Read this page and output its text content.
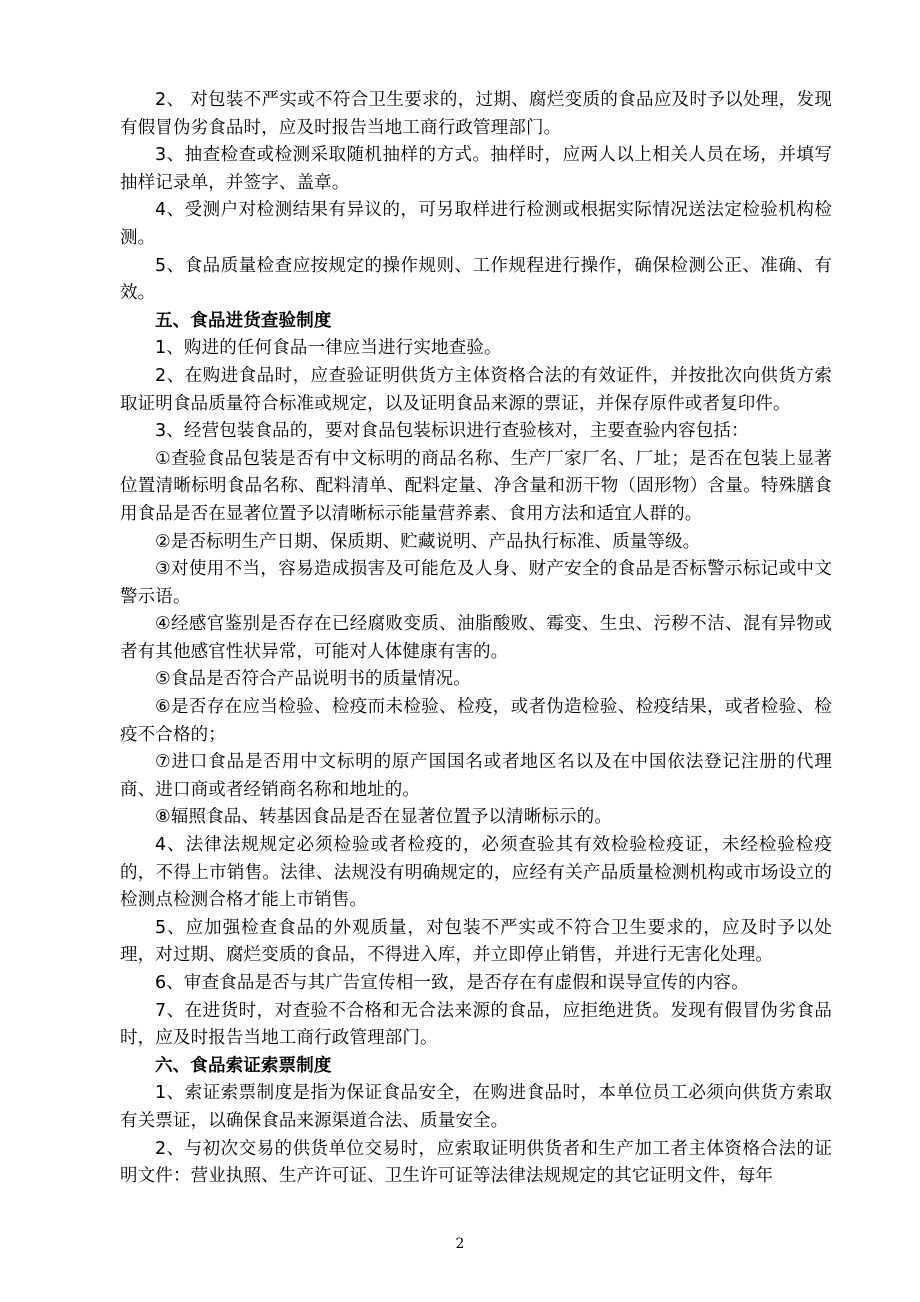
2、 对包装不严实或不符合卫生要求的，过期、腐烂变质的食品应及时予以处理，发现有假冒伪劣食品时，应及时报告当地工商行政管理部门。

3、抽查检查或检测采取随机抽样的方式。抽样时，应两人以上相关人员在场，并填写抽样记录单，并签字、盖章。

4、受测户对检测结果有异议的，可另取样进行检测或根据实际情况送法定检验机构检测。

5、食品质量检查应按规定的操作规则、工作规程进行操作，确保检测公正、准确、有效。

五、食品进货查验制度

1、购进的任何食品一律应当进行实地查验。

2、在购进食品时，应查验证明供货方主体资格合法的有效证件，并按批次向供货方索取证明食品质量符合标准或规定，以及证明食品来源的票证，并保存原件或者复印件。

3、经营包装食品的，要对食品包装标识进行查验核对，主要查验内容包括：

①查验食品包装是否有中文标明的商品名称、生产厂家厂名、厂址；是否在包装上显著位置清晰标明食品名称、配料清单、配料定量、净含量和沥干物（固形物）含量。特殊膳食用食品是否在显著位置予以清晰标示能量营养素、食用方法和适宜人群的。

②是否标明生产日期、保质期、贮藏说明、产品执行标准、质量等级。

③对使用不当，容易造成损害及可能危及人身、财产安全的食品是否标警示标记或中文警示语。

④经感官鉴别是否存在已经腐败变质、油脂酸败、霉变、生虫、污秽不洁、混有异物或者有其他感官性状异常，可能对人体健康有害的。

⑤食品是否符合产品说明书的质量情况。

⑥是否存在应当检验、检疫而未检验、检疫，或者伪造检验、检疫结果，或者检验、检疫不合格的；

⑦进口食品是否用中文标明的原产国国名或者地区名以及在中国依法登记注册的代理商、进口商或者经销商名称和地址的。

⑧辐照食品、转基因食品是否在显著位置予以清晰标示的。

4、法律法规规定必须检验或者检疫的，必须查验其有效检验检疫证，未经检验检疫的，不得上市销售。法律、法规没有明确规定的，应经有关产品质量检测机构或市场设立的检测点检测合格才能上市销售。

5、应加强检查食品的外观质量，对包装不严实或不符合卫生要求的，应及时予以处理，对过期、腐烂变质的食品，不得进入库，并立即停止销售，并进行无害化处理。

6、审查食品是否与其广告宣传相一致，是否存在有虚假和误导宣传的内容。

7、在进货时，对查验不合格和无合法来源的食品，应拒绝进货。发现有假冒伪劣食品时，应及时报告当地工商行政管理部门。

六、食品索证索票制度

1、索证索票制度是指为保证食品安全，在购进食品时，本单位员工必须向供货方索取有关票证，以确保食品来源渠道合法、质量安全。

2、与初次交易的供货单位交易时，应索取证明供货者和生产加工者主体资格合法的证明文件：营业执照、生产许可证、卫生许可证等法律法规规定的其它证明文件，每年

2
